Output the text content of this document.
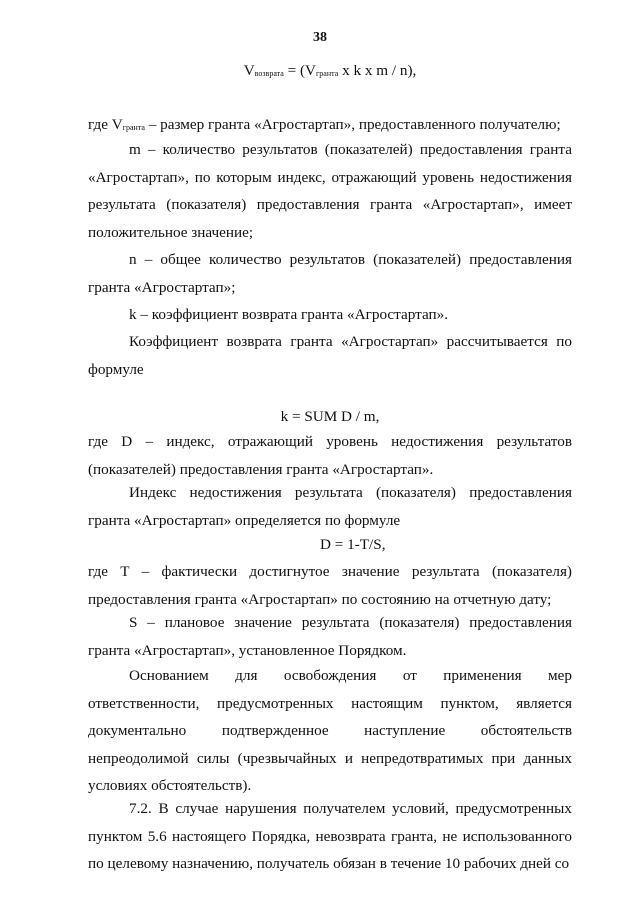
38
$V_{возврата} = (V_{гранта}$ x k x m / n),

где $V_{гранта}$ – размер гранта «Агростартап», предоставленного получателю;

m – количество результатов (показателей) предоставления гранта «Агростартап», по которым индекс, отражающий уровень недостижения результата (показателя) предоставления гранта «Агростартап», имеет положительное значение;

n – общее количество результатов (показателей) предоставления гранта «Агростартап»;

k – коэффициент возврата гранта «Агростартап».

Коэффициент возврата гранта «Агростартап» рассчитывается по формуле

k = SUM D / m,

где D – индекс, отражающий уровень недостижения результатов (показателей) предоставления гранта «Агростартап».

Индекс недостижения результата (показателя) предоставления гранта «Агростартап» определяется по формуле

D = 1-T/S,

где T – фактически достигнутое значение результата (показателя) предоставления гранта «Агростартап» по состоянию на отчетную дату;

S – плановое значение результата (показателя) предоставления гранта «Агростартап», установленное Порядком.

Основанием для освобождения от применения мер ответственности, предусмотренных настоящим пунктом, является документально подтвержденное наступление обстоятельств непреодолимой силы (чрезвычайных и непредотвратимых при данных условиях обстоятельств).

7.2. В случае нарушения получателем условий, предусмотренных пунктом 5.6 настоящего Порядка, невозврата гранта, не использованного по целевому назначению, получатель обязан в течение 10 рабочих дней со
